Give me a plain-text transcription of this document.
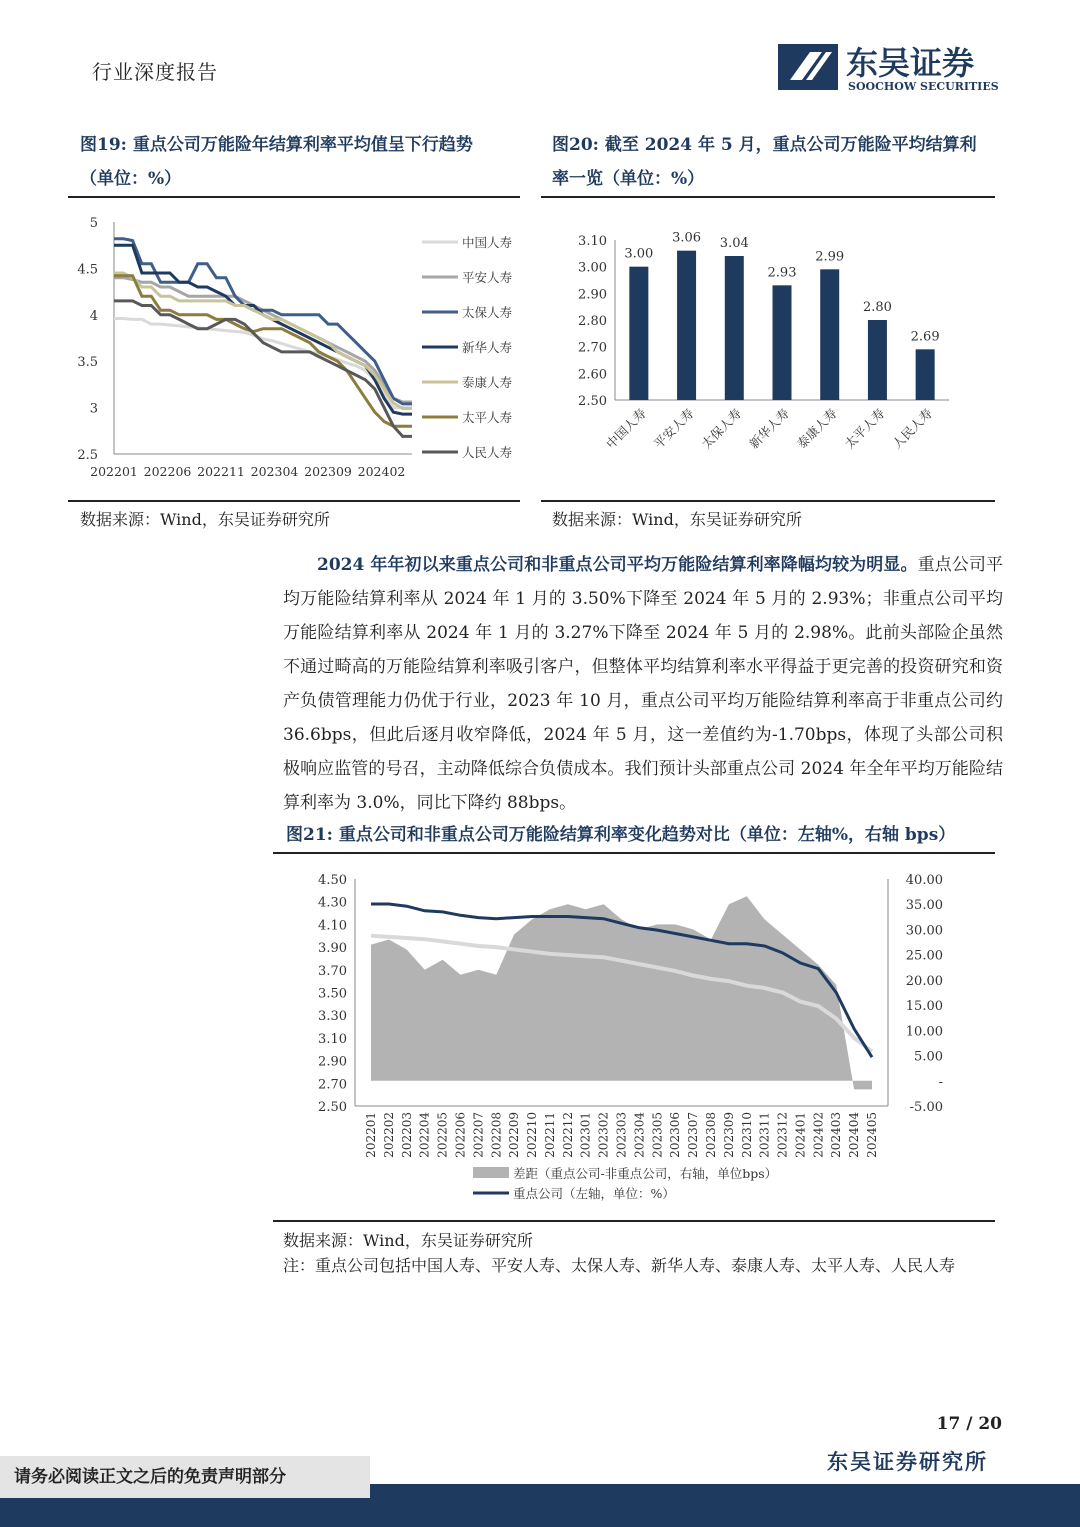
行业深度报告	东吴证券
SOOCHOW SECURITIES
图19: 重点公司万能险年结算利率平均值呈下行趋势
（单位：%）
5
4.5
4
3.5
3
2.5
202201 202206 202211 202304 202309 202402
中国人寿
平安人寿
太保人寿
新华人寿
泰康人寿
太平人寿
人民人寿
数据来源：Wind，东吴证券研究所
图20: 截至 2024 年 5 月，重点公司万能险平均结算利
率一览（单位：%）
3.10
3.00
2.90
2.80
2.70
2.60
2.50
3.00
中国人寿
3.06
平安人寿
3.04
太保人寿
2.93
新华人寿
2.99
泰康人寿
2.80
太平人寿
2.69
人民人寿
数据来源：Wind，东吴证券研究所
2024 年年初以来重点公司和非重点公司平均万能险结算利率降幅均较为明显。重点公司平均万能险结算利率从 2024 年 1 月的 3.50%下降至 2024 年 5 月的 2.93%；非重点公司平均万能险结算利率从 2024 年 1 月的 3.27%下降至 2024 年 5 月的 2.98%。此前头部险企虽然不通过畸高的万能险结算利率吸引客户，但整体平均结算利率水平得益于更完善的投资研究和资产负债管理能力仍优于行业，2023 年 10 月，重点公司平均万能险结算利率高于非重点公司约 36.6bps，但此后逐月收窄降低，2024 年 5 月，这一差值约为-1.70bps，体现了头部公司积极响应监管的号召，主动降低综合负债成本。我们预计头部重点公司 2024 年全年平均万能险结算利率为 3.0%，同比下降约 88bps。
图21: 重点公司和非重点公司万能险结算利率变化趋势对比（单位：左轴%，右轴 bps）
4.50
4.30
4.10
3.90
3.70
3.50
3.30
3.10
2.90
2.70
2.50
40.00
35.00
30.00
25.00
20.00
15.00
10.00
5.00
-
-5.00
202201 202202 202203 202204 202205 202206 202207 202208 202209 202210 202211 202212 202301 202302 202303 202304 202305 202306 202307 202308 202309 202310 202311 202312 202401 202402 202403 202404 202405
差距（重点公司-非重点公司，右轴，单位bps）
重点公司（左轴，单位：%）
数据来源：Wind，东吴证券研究所
注：重点公司包括中国人寿、平安人寿、太保人寿、新华人寿、泰康人寿、太平人寿、人民人寿
17 / 20
东吴证券研究所
请务必阅读正文之后的免责声明部分
